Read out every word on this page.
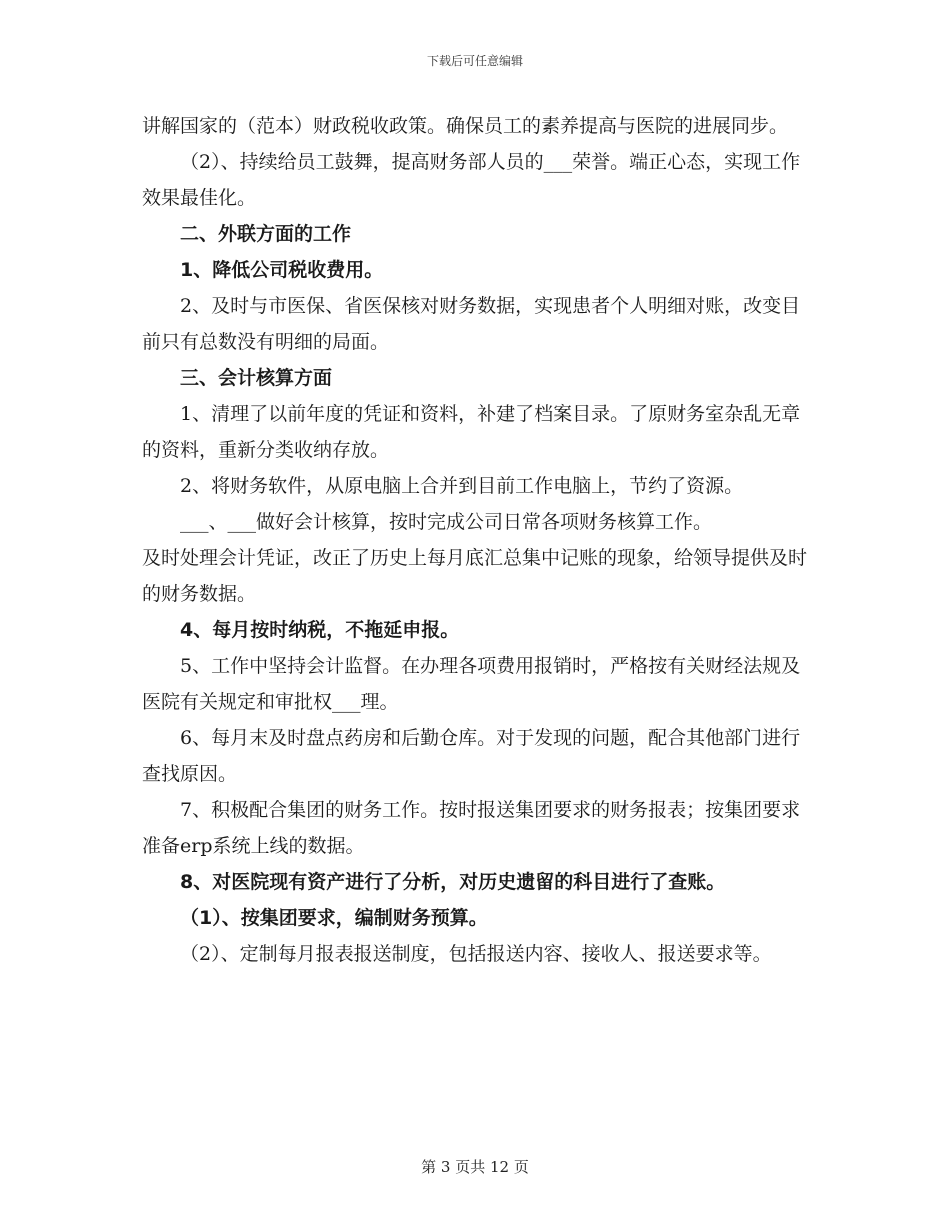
下载后可任意编辑

讲解国家的（范本）财政税收政策。确保员工的素养提高与医院的进展同步。

（2）、持续给员工鼓舞，提高财务部人员的___荣誉。端正心态，实现工作效果最佳化。

二、外联方面的工作

1、降低公司税收费用。

2、及时与市医保、省医保核对财务数据，实现患者个人明细对账，改变目前只有总数没有明细的局面。

三、会计核算方面

1、清理了以前年度的凭证和资料，补建了档案目录。了原财务室杂乱无章的资料，重新分类收纳存放。

2、将财务软件，从原电脑上合并到目前工作电脑上，节约了资源。

___、___做好会计核算，按时完成公司日常各项财务核算工作。

及时处理会计凭证，改正了历史上每月底汇总集中记账的现象，给领导提供及时的财务数据。

4、每月按时纳税，不拖延申报。

5、工作中坚持会计监督。在办理各项费用报销时，严格按有关财经法规及医院有关规定和审批权___理。

6、每月末及时盘点药房和后勤仓库。对于发现的问题，配合其他部门进行查找原因。

7、积极配合集团的财务工作。按时报送集团要求的财务报表；按集团要求准备erp系统上线的数据。

8、对医院现有资产进行了分析，对历史遗留的科目进行了查账。

（1）、按集团要求，编制财务预算。

（2）、定制每月报表报送制度，包括报送内容、接收人、报送要求等。

第 3 页共 12 页
